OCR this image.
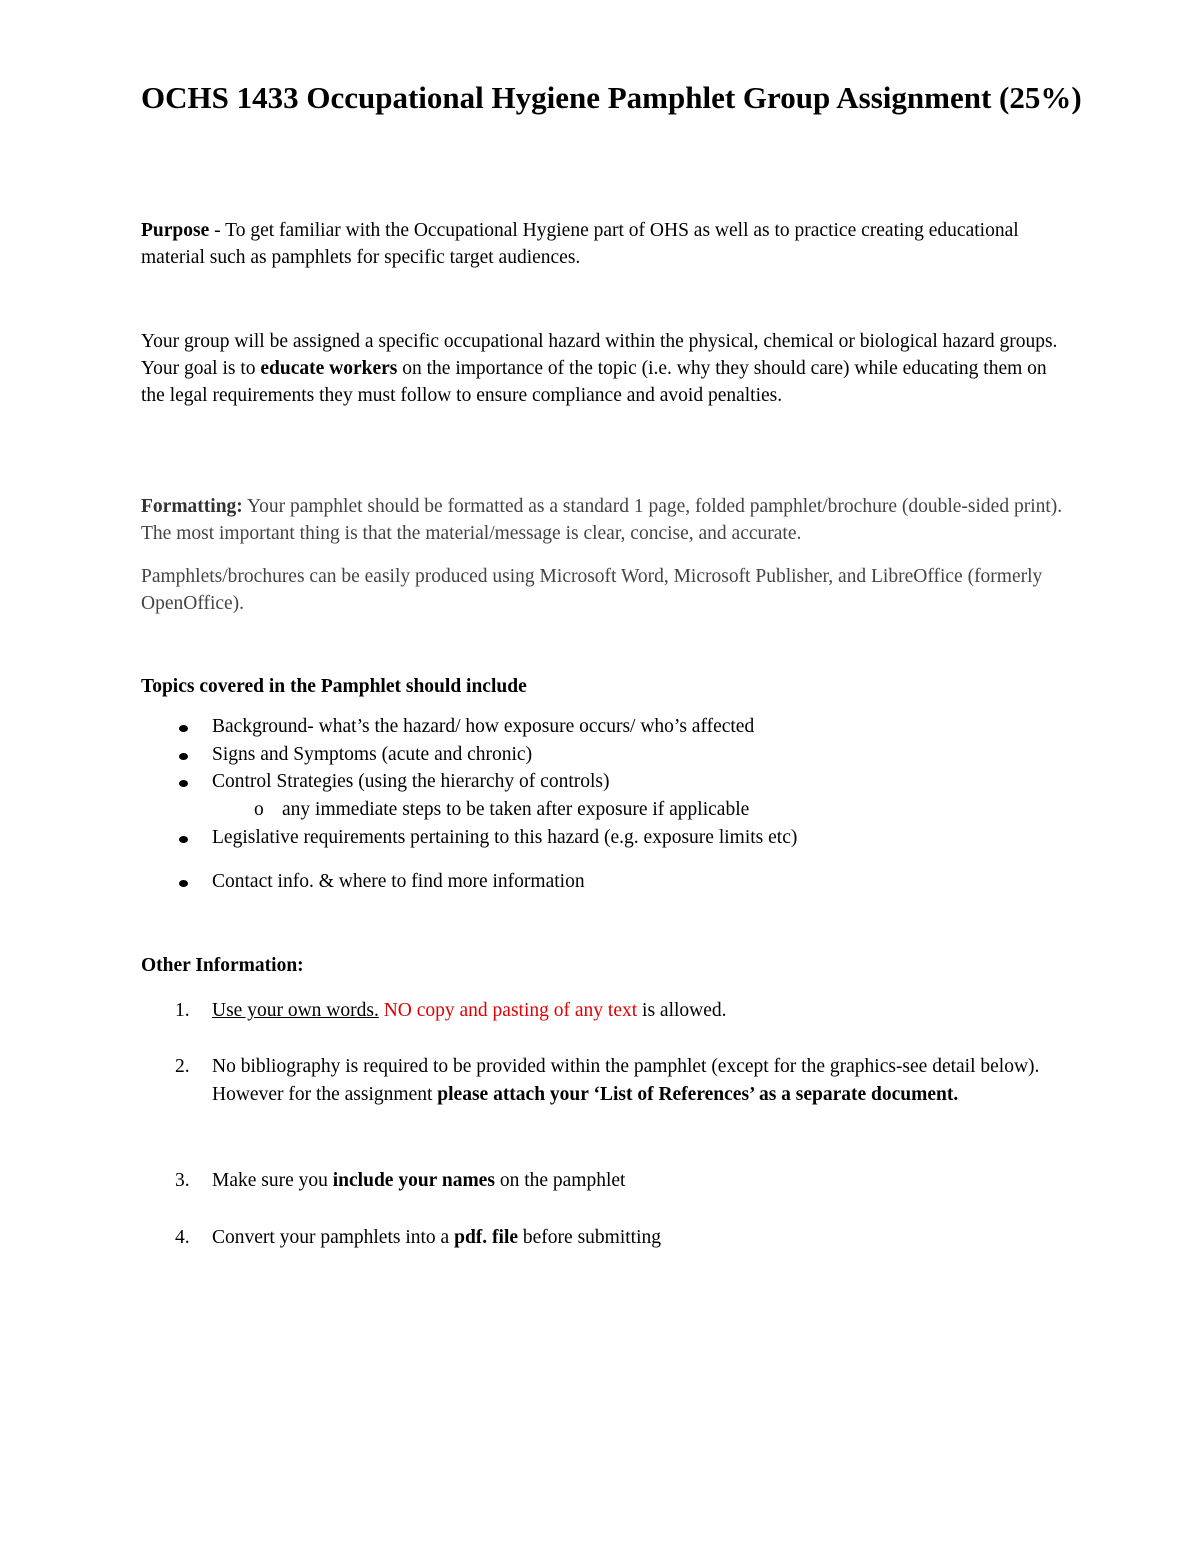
OCHS 1433 Occupational Hygiene Pamphlet Group Assignment (25%)

Purpose - To get familiar with the Occupational Hygiene part of OHS as well as to practice creating educational material such as pamphlets for specific target audiences.

Your group will be assigned a specific occupational hazard within the physical, chemical or biological hazard groups. Your goal is to educate workers on the importance of the topic (i.e. why they should care) while educating them on the legal requirements they must follow to ensure compliance and avoid penalties.

Formatting: Your pamphlet should be formatted as a standard 1 page, folded pamphlet/brochure (double-sided print). The most important thing is that the material/message is clear, concise, and accurate.

Pamphlets/brochures can be easily produced using Microsoft Word, Microsoft Publisher, and LibreOffice (formerly OpenOffice).

Topics covered in the Pamphlet should include

Background- what’s the hazard/ how exposure occurs/ who’s affected
Signs and Symptoms (acute and chronic)
Control Strategies (using the hierarchy of controls)
o any immediate steps to be taken after exposure if applicable
Legislative requirements pertaining to this hazard (e.g. exposure limits etc)
Contact info. & where to find more information

Other Information:

1. Use your own words. NO copy and pasting of any text is allowed.
2. No bibliography is required to be provided within the pamphlet (except for the graphics-see detail below). However for the assignment please attach your ‘List of References’ as a separate document.
3. Make sure you include your names on the pamphlet
4. Convert your pamphlets into a pdf. file before submitting
